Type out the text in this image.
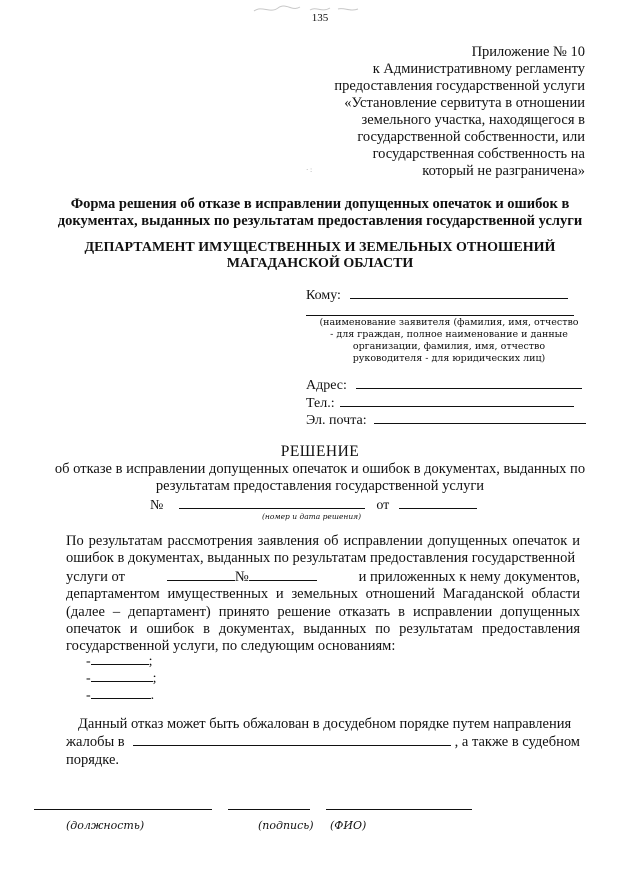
· :
135
Приложение № 10
к Административному регламенту
предоставления государственной услуги
«Установление сервитута в отношении
земельного участка, находящегося в
государственной собственности, или
государственная собственность на
который не разграничена»
Форма решения об отказе в исправлении допущенных опечаток и ошибок в документах, выданных по результатам предоставления государственной услуги
ДЕПАРТАМЕНТ ИМУЩЕСТВЕННЫХ И ЗЕМЕЛЬНЫХ ОТНОШЕНИЙ МАГАДАНСКОЙ ОБЛАСТИ
Кому:
(наименование заявителя (фамилия, имя, отчество - для граждан, полное наименование и данные организации, фамилия, имя, отчество руководителя - для юридических лиц)
Адрес:
Тел.:
Эл. почта:
РЕШЕНИЕ
об отказе в исправлении допущенных опечаток и ошибок в документах, выданных по результатам предоставления государственной услуги
№	от
(номер и дата решения)
По результатам рассмотрения заявления об исправлении допущенных опечаток и ошибок в документах, выданных по результатам предоставления государственной
услуги от	№	и приложенных к нему документов,
департаментом имущественных и земельных отношений Магаданской области (далее – департамент) принято решение отказать в исправлении допущенных опечаток и ошибок в документах, выданных по результатам предоставления государственной услуги, по следующим основаниям:
-	;
-	;
-	.
Данный отказ может быть обжалован в досудебном порядке путем направления
жалобы в	, а также в судебном
порядке.
(должность)	(подпись) (ФИО)
